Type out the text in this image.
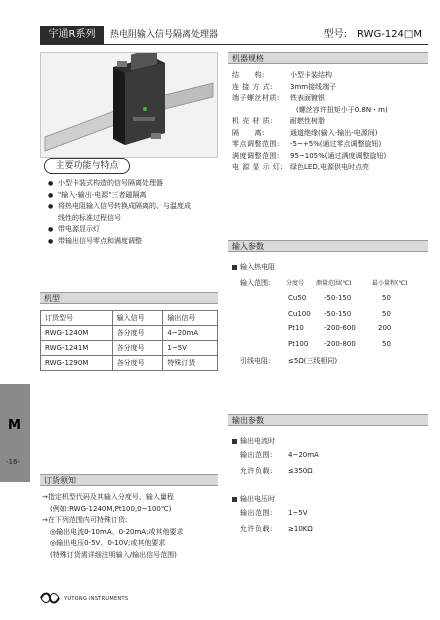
宇通R系列	热电阻输入信号隔离处理器	型号: RWG-124□M
主要功能与特点
● 小型卡装式构造的信号隔离处理器
● "输入-输出-电源"三者磁隔离
● 将热电阻输入信号转换成隔离的、与温度成
线性的标准过程信号
● 带电源显示灯
● 带输出信号零点和满度调整
机型
订货型号	输入信号	输出信号
RWG-1240M	各分度号	4~20mA
RWG-1241M	各分度号	1~5V
RWG-1290M	各分度号	特殊订货
订货须知
→指定机型代码及其输入分度号、输入量程
(例如:RWG-1240M,Pt100,0~100℃)
→在下列范围内可特殊订货:
◎输出电流0-10mA、0-20mA;或其他要求
◎输出电压0-5V、0-10V;或其他要求
(特殊订货需详细注明输入/输出信号范围)
机器规格
结　　构:	小型卡装结构
连 接 方 式: 3mm接线端子
端子螺丝材质: 铁表面镀银
(螺丝容许扭矩小于0.8N・m)
机 壳 材 质: 耐燃性树脂
隔　　离:	通道绝缘(输入-输出-电源间)
零点调整范围: -5~+5%(通过零点调整旋钮)
满度调整范围: 95~105%(通过满度调整旋钮)
电 源 显 示 灯: 绿色LED,电源供电时点亮
输入参数
输入热电阻
输入范围:	分度号 测量范围(℃)	最小量程(℃)
Cu50	-50-150	50
Cu100 -50-150	50
Pt10	-200-600	200
Pt100 -200-800	50
引线电阻:	≤5Ω(三线相同)
输出参数
输出电流时
输出范围: 4~20mA
允许负载: ≤350Ω
输出电压时
输出范围: 1~5V
允许负载: ≥10KΩ
M
-16-
YUTONG INSTRUMENTS
